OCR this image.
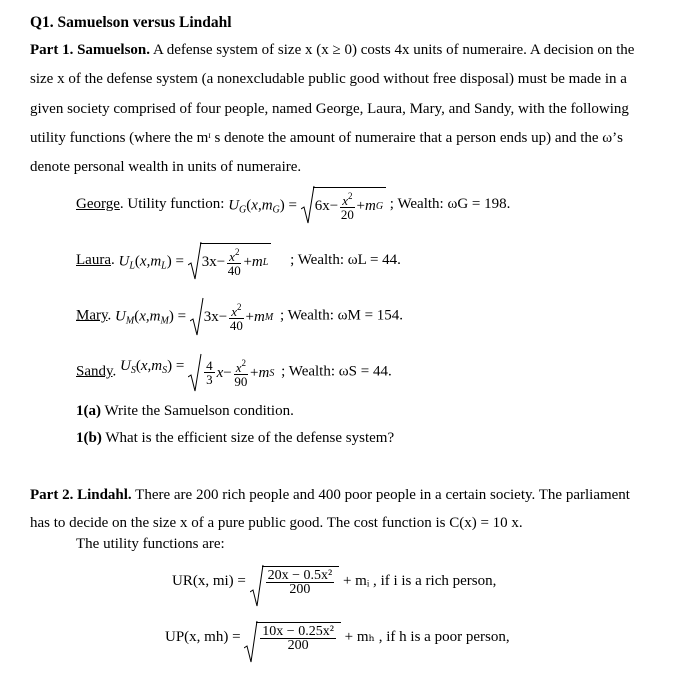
Q1. Samuelson versus Lindahl
Part 1. Samuelson. A defense system of size x (x ≥ 0) costs 4x units of numeraire. A decision on the size x of the defense system (a nonexcludable public good without free disposal) must be made in a given society comprised of four people, named George, Laura, Mary, and Sandy, with the following utility functions (where the mᶦ s denote the amount of numeraire that a person ends up) and the ω’s denote personal wealth in units of numeraire.
George. Utility function: $U_G(x,m_G) = 6x - \frac{x^2}{20} + m$ G ; Wealth: ωG = 198.
Laura. $U_L(x,m_L) = 3x - \frac{x^2}{40} + m$ L ; Wealth: ωL = 44.
Mary. $U_M(x,m_M) = 3x - \frac{x^2}{40} + m$ M ; Wealth: ωM = 154.
Sandy. $U_S(x,m_S) = \frac{4}{3}$ $x - \frac{x^2}{90} + m$ S ; Wealth: ωS = 44.
1(a) Write the Samuelson condition.
1(b) What is the efficient size of the defense system?
Part 2. Lindahl. There are 200 rich people and 400 poor people in a certain society. The parliament has to decide on the size x of a pure public good. The cost function is C(x) = 10 x.
The utility functions are:
UR(x, $mi) = \frac{\text{20x − 0.5x²}}{200}$ + mᵢ , if i is a rich person,
UP(x, $mh) = \frac{\text{10x − 0.25x²}}{200} + m_h$ , if h is a poor person,
